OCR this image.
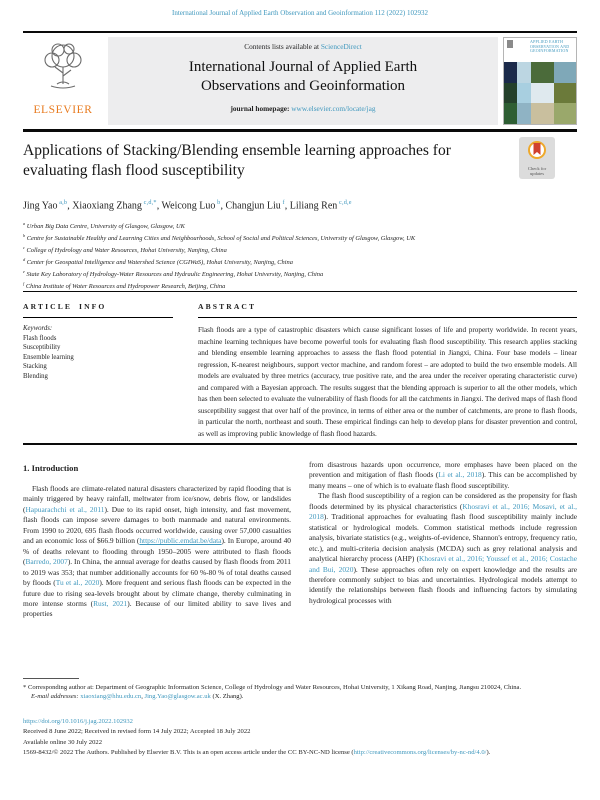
International Journal of Applied Earth Observation and Geoinformation 112 (2022) 102932
ELSEVIER
Contents lists available at ScienceDirect
International Journal of Applied Earth
Observations and Geoinformation
journal homepage: www.elsevier.com/locate/jag
APPLIED EARTH OBSERVATION AND GEOINFORMATION
Applications of Stacking/Blending ensemble learning approaches for evaluating flash flood susceptibility	Check for
updates
Jing Yao $^{a,b}$, Xiaoxiang Zhang $^{c,d,*}$, Weicong Luo $^b$, Changjun Liu $^f$, Liliang Ren $^{c,d,e}$
$^a$ Urban Big Data Centre, University of Glasgow, Glasgow, UK
$^b$ Centre for Sustainable Healthy and Learning Cities and Neighbourhoods, School of Social and Political Sciences, University of Glasgow, Glasgow, UK
$^c$ College of Hydrology and Water Resources, Hohai University, Nanjing, China
$^d$ Center for Geospatial Intelligence and Watershed Science (CGIWaS), Hohai University, Nanjing, China
$^e$ State Key Laboratory of Hydrology-Water Resources and Hydraulic Engineering, Hohai University, Nanjing, China
$^f$ China Institute of Water Resources and Hydropower Research, Beijing, China
ARTICLE INFO
Keywords:
Flash floods
Susceptibility
Ensemble learning
Stacking
Blending
ABSTRACT
Flash floods are a type of catastrophic disasters which cause significant losses of life and property worldwide. In recent years, machine learning techniques have become powerful tools for evaluating flash flood susceptibility. This research applies stacking and blending ensemble learning approaches to assess the flash flood potential in Jiangxi, China. Four base models – linear regression, K-nearest neighbours, support vector machine, and random forest – are adopted to build the two ensemble models. All models are evaluated by three metrics (accuracy, true positive rate, and the area under the receiver operating characteristic curve) and compared with a Bayesian approach. The results suggest that the blending approach is superior to all the other models, which has then been selected to evaluate the vulnerability of flash floods for all the catchments in Jiangxi. The derived maps of flash flood susceptibility suggest that over half of the province, in terms of either area or the number of catchments, are prone to flash floods, in particular the north, northeast and south. These empirical findings can help to develop plans for disaster prevention and control, as well as improving public knowledge of flash flood hazards.
1. Introduction
Flash floods are climate-related natural disasters characterized by rapid flooding that is mainly triggered by heavy rainfall, meltwater from ice/snow, debris flow, or landslides (Hapuarachchi et al., 2011). Due to its rapid onset, high intensity, and fast movement, flash floods can impose severe damages to both manmade and natural environments. From 1990 to 2020, 695 flash floods occurred worldwide, causing over 57,000 casualties and an economic loss of $66.9 billion (https://public.emdat.be/data). In Europe, around 40 % of deaths relevant to flooding through 1950–2005 were attributed to flash floods (Barredo, 2007). In China, the annual average for deaths caused by flash floods from 2011 to 2019 was 353; that number additionally accounts for 60 %-80 % of total deaths caused by floods (Tu et al., 2020). More frequent and serious flash floods can be expected in the future due to rising sea-levels brought about by climate change, thereby culminating in more intense storms (Rust, 2021). Because of our limited ability to save lives and properties
from disastrous hazards upon occurrence, more emphases have been placed on the prevention and mitigation of flash floods (Li et al., 2018). This can be accomplished by many means – one of which is to evaluate flash flood susceptibility.
The flash flood susceptibility of a region can be considered as the propensity for flash floods determined by its physical characteristics (Khosravi et al., 2016; Mosavi, et al., 2018). Traditional approaches for evaluating flash flood susceptibility mainly include statistical or hydrological models. Common statistical methods include regression analysis, bivariate statistics (e.g., weights-of-evidence, Shannon's entropy, frequency ratio, etc.), and multi-criteria decision analysis (MCDA) such as grey relational analysis and analytical hierarchy process (AHP) (Khosravi et al., 2016; Youssef et al., 2016; Costache and Bui, 2020). These approaches often rely on expert knowledge and the results are therefore commonly subject to bias and uncertainties. Hydrological models attempt to identify the relationships between flash floods and influencing factors by simulating hydrological processes with
* Corresponding author at: Department of Geographic Information Science, College of Hydrology and Water Resources, Hohai University, 1 Xikang Road, Nanjing, Jiangsu 210024, China.
E-mail addresses: xiaoxiang@hhu.edu.cn, Jing.Yao@glasgow.ac.uk (X. Zhang).
https://doi.org/10.1016/j.jag.2022.102932
Received 8 June 2022; Received in revised form 14 July 2022; Accepted 18 July 2022
Available online 30 July 2022
1569-8432/© 2022 The Authors. Published by Elsevier B.V. This is an open access article under the CC BY-NC-ND license (http://creativecommons.org/licenses/by-nc-nd/4.0/).
